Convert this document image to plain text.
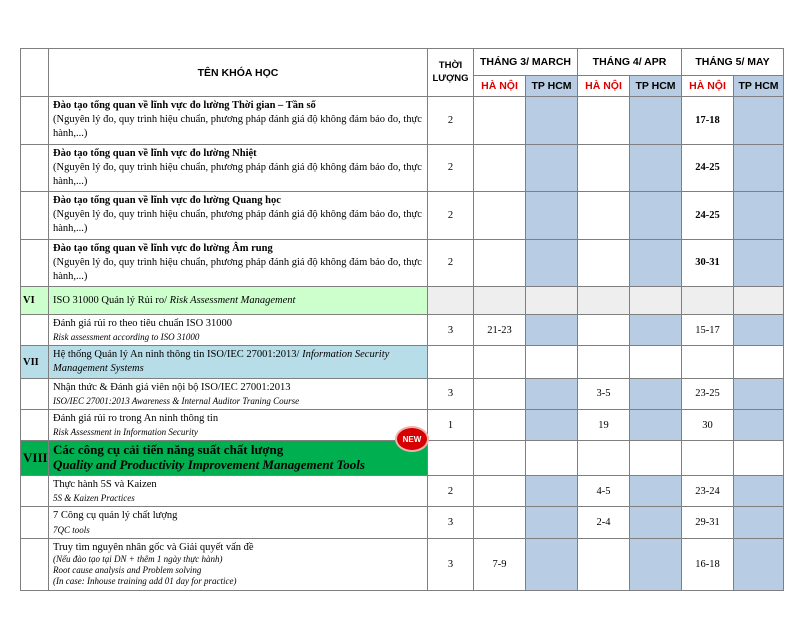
	TÊN KHÓA HỌC	THỜI LƯỢNG	THÁNG 3/ MARCH		THÁNG 4/ APR		THÁNG 5/ MAY	
			HÀ NỘI	TP HCM	HÀ NỘI	TP HCM	HÀ NỘI	TP HCM

	Đào tạo tổng quan về lĩnh vực đo lường Thời gian – Tần số
(Nguyên lý đo, quy trình hiệu chuẩn, phương pháp đánh giá độ không đảm bảo đo, thực hành,...)	2					17-18	

	Đào tạo tổng quan về lĩnh vực đo lường Nhiệt
(Nguyên lý đo, quy trình hiệu chuẩn, phương pháp đánh giá độ không đảm bảo đo, thực hành,...)	2					24-25	

	Đào tạo tổng quan về lĩnh vực đo lường Quang học
(Nguyên lý đo, quy trình hiệu chuẩn, phương pháp đánh giá độ không đảm bảo đo, thực hành,...)	2					24-25	

	Đào tạo tổng quan về lĩnh vực đo lường Âm rung
(Nguyên lý đo, quy trình hiệu chuẩn, phương pháp đánh giá độ không đảm bảo đo, thực hành,...)	2					30-31	
VI	ISO 31000 Quản lý Rủi ro/ Risk Assessment Management							

	Đánh giá rủi ro theo tiêu chuẩn ISO 31000
Risk assessment according to ISO 31000	3	21-23				15-17	
VII	Hệ thống Quản lý An ninh thông tin ISO/IEC 27001:2013/ Information Security Management Systems							

	Nhận thức & Đánh giá viên nội bộ ISO/IEC 27001:2013
ISO/IEC 27001:2013 Awareness & Internal Auditor Traning Course	3			3-5		23-25	

	Đánh giá rủi ro trong An ninh thông tin
Risk Assessment in Information Security	1			19		30	
VIII	Các công cụ cải tiến năng suất chất lượng
Quality and Productivity Improvement Management Tools							

	Thực hành 5S và Kaizen
5S & Kaizen Practices	2			4-5		23-24	

	7 Công cụ quản lý chất lượng
7QC tools	3			2-4		29-31	

	Truy tìm nguyên nhân gốc và Giải quyết vấn đề
(Nếu đào tạo tại DN + thêm 1 ngày thực hành)
Root cause analysis and Problem solving
(In case: Inhouse training add 01 day for practice)	3	7-9				16-18	
NEW
